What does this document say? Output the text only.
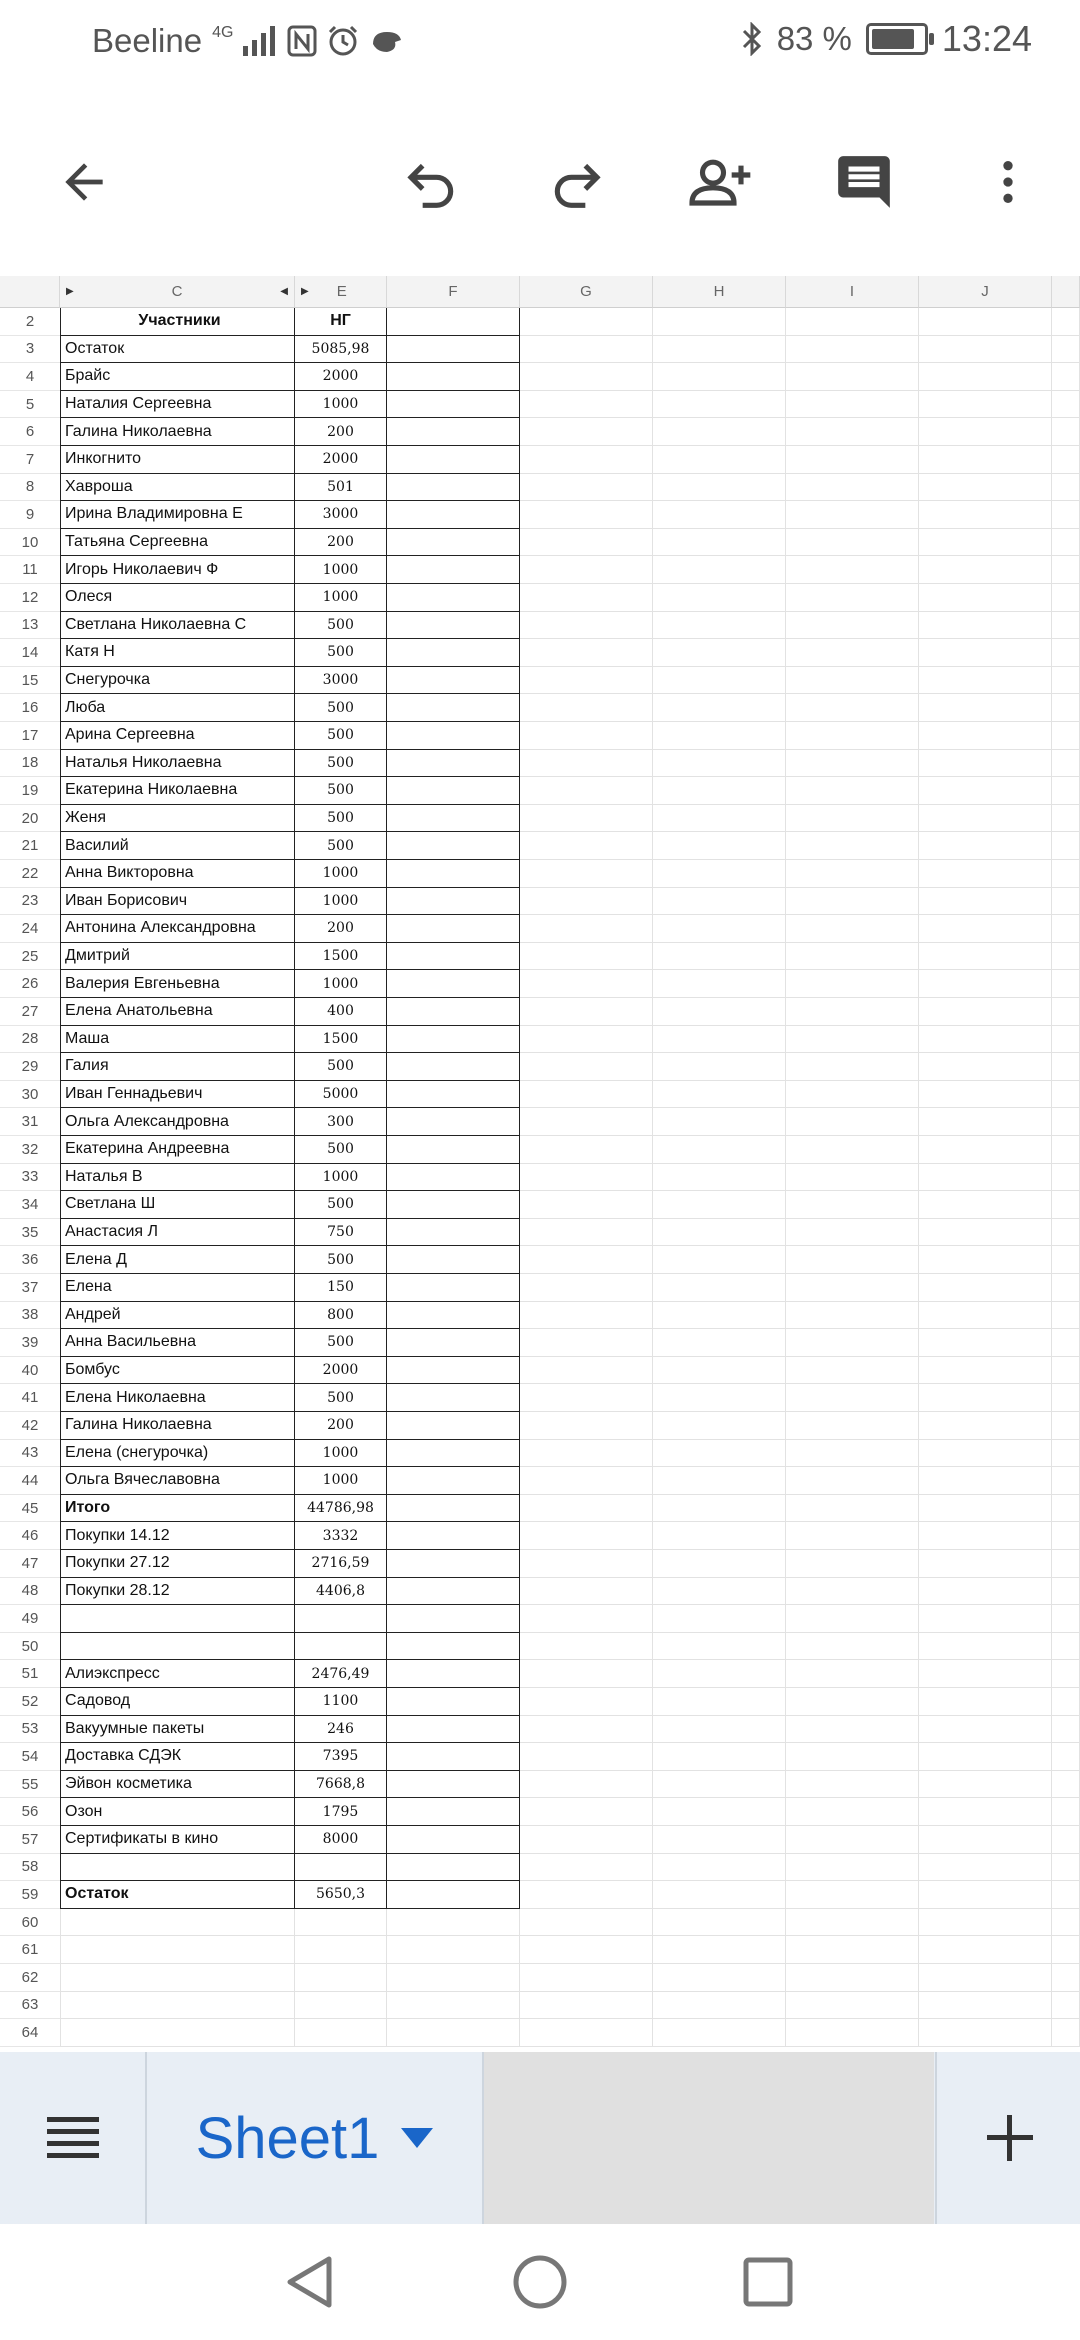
Beeline 4G	83 %	13:24
▶	C	◀ ▶ E	F	G	H	I	J
2	Участники	НГ
3	Остаток	5085,98
4	Брайс	2000
5	Наталия Сергеевна	1000
6	Галина Николаевна	200
7	Инкогнито	2000
8	Хавроша	501
9	Ирина Владимировна Е	3000
10	Татьяна Сергеевна	200
11	Игорь Николаевич Ф	1000
12	Олеся	1000
13	Светлана Николаевна С	500
14	Катя Н	500
15	Снегурочка	3000
16	Люба	500
17	Арина Сергеевна	500
18	Наталья Николаевна	500
19	Екатерина Николаевна	500
20	Женя	500
21	Василий	500
22	Анна Викторовна	1000
23	Иван Борисович	1000
24	Антонина Александровна	200
25	Дмитрий	1500
26	Валерия Евгеньевна	1000
27	Елена Анатольевна	400
28	Маша	1500
29	Галия	500
30	Иван Геннадьевич	5000
31	Ольга Александровна	300
32	Екатерина Андреевна	500
33	Наталья В	1000
34	Светлана Ш	500
35	Анастасия Л	750
36	Елена Д	500
37	Елена	150
38	Андрей	800
39	Анна Васильевна	500
40	Бомбус	2000
41	Елена Николаевна	500
42	Галина Николаевна	200
43	Елена (снегурочка)	1000
44	Ольга Вячеславовна	1000
45	Итого	44786,98
46	Покупки 14.12	3332
47	Покупки 27.12	2716,59
48	Покупки 28.12	4406,8
49
50
51	Алиэкспресс	2476,49
52	Садовод	1100
53	Вакуумные пакеты	246
54	Доставка СДЭК	7395
55	Эйвон косметика	7668,8
56	Озон	1795
57	Сертификаты в кино	8000
58
59	Остаток	5650,3
60
61
62
63
64
Sheet1
